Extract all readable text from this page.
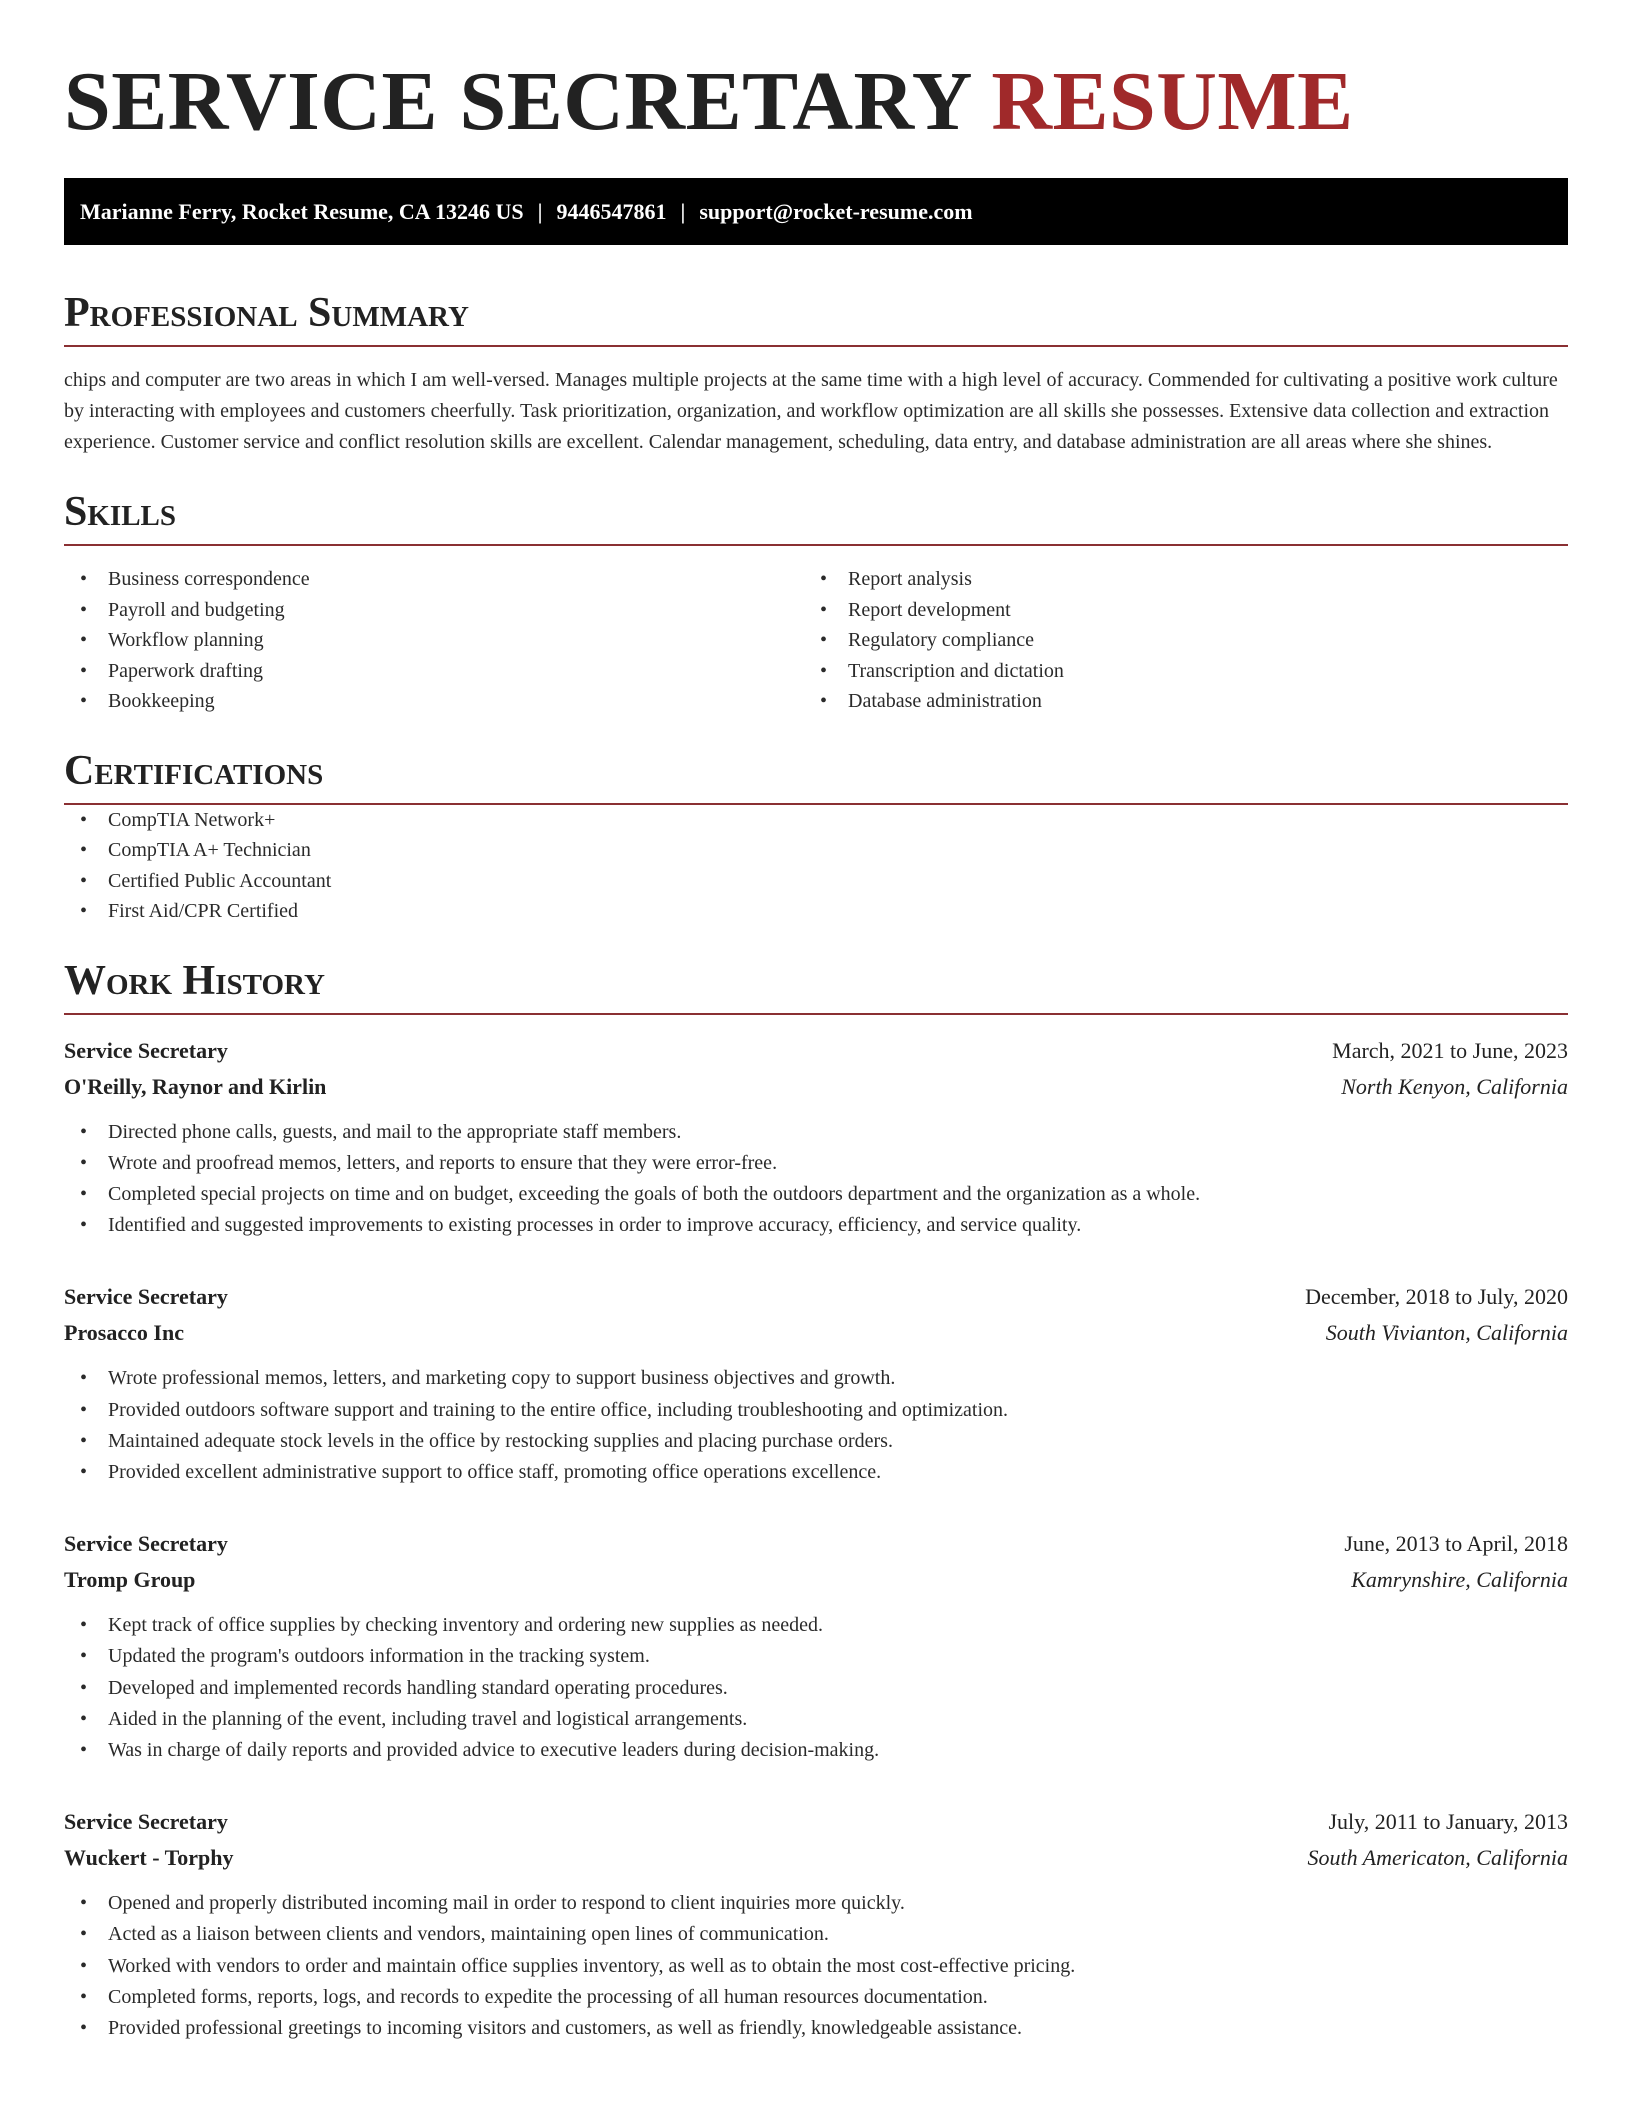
SERVICE SECRETARY RESUME
Marianne Ferry, Rocket Resume, CA 13246 US | 9446547861 | support@rocket-resume.com
Professional Summary

chips and computer are two areas in which I am well-versed. Manages multiple projects at the same time with a high level of accuracy. Commended for cultivating a positive work culture by interacting with employees and customers cheerfully. Task prioritization, organization, and workflow optimization are all skills she possesses. Extensive data collection and extraction experience. Customer service and conflict resolution skills are excellent. Calendar management, scheduling, data entry, and database administration are all areas where she shines.

Skills
• Business correspondence
• Payroll and budgeting
• Workflow planning
• Paperwork drafting
• Bookkeeping
• Report analysis
• Report development
• Regulatory compliance
• Transcription and dictation
• Database administration
Certifications
• CompTIA Network+
• CompTIA A+ Technician
• Certified Public Accountant
• First Aid/CPR Certified
Work History
Service Secretary	March, 2021 to June, 2023
O'Reilly, Raynor and Kirlin	North Kenyon, California
• Directed phone calls, guests, and mail to the appropriate staff members.
• Wrote and proofread memos, letters, and reports to ensure that they were error-free.
• Completed special projects on time and on budget, exceeding the goals of both the outdoors department and the organization as a whole.
• Identified and suggested improvements to existing processes in order to improve accuracy, efficiency, and service quality.
Service Secretary	December, 2018 to July, 2020
Prosacco Inc	South Vivianton, California
• Wrote professional memos, letters, and marketing copy to support business objectives and growth.
• Provided outdoors software support and training to the entire office, including troubleshooting and optimization.
• Maintained adequate stock levels in the office by restocking supplies and placing purchase orders.
• Provided excellent administrative support to office staff, promoting office operations excellence.
Service Secretary	June, 2013 to April, 2018
Tromp Group	Kamrynshire, California
• Kept track of office supplies by checking inventory and ordering new supplies as needed.
• Updated the program's outdoors information in the tracking system.
• Developed and implemented records handling standard operating procedures.
• Aided in the planning of the event, including travel and logistical arrangements.
• Was in charge of daily reports and provided advice to executive leaders during decision-making.
Service Secretary	July, 2011 to January, 2013
Wuckert - Torphy	South Americaton, California
• Opened and properly distributed incoming mail in order to respond to client inquiries more quickly.
• Acted as a liaison between clients and vendors, maintaining open lines of communication.
• Worked with vendors to order and maintain office supplies inventory, as well as to obtain the most cost-effective pricing.
• Completed forms, reports, logs, and records to expedite the processing of all human resources documentation.
• Provided professional greetings to incoming visitors and customers, as well as friendly, knowledgeable assistance.
